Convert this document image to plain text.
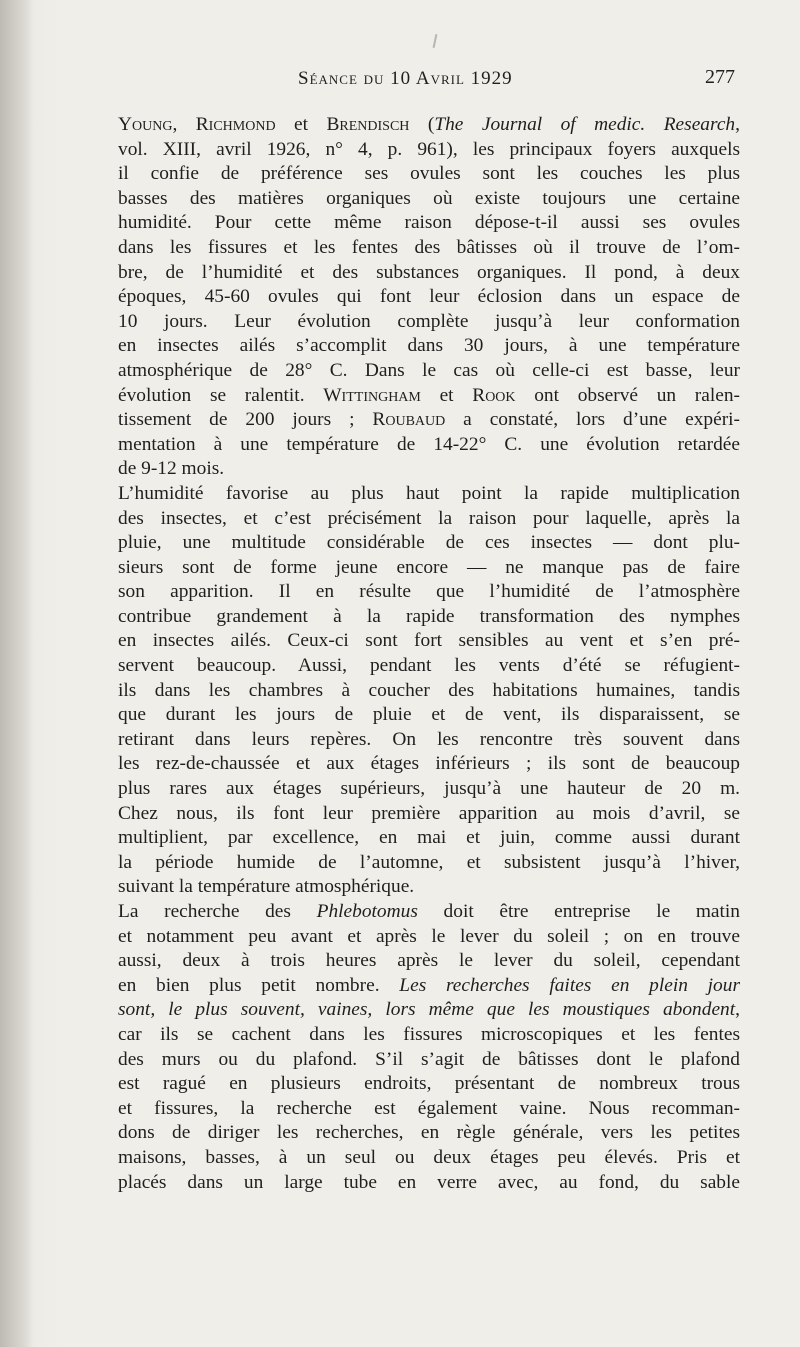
Séance du 10 Avril 1929	277
Young, Richmond et Brendisch (The Journal of medic. Research,
vol. XIII, avril 1926, n° 4, p. 961), les principaux foyers auxquels
il confie de préférence ses ovules sont les couches les plus
basses des matières organiques où existe toujours une certaine
humidité. Pour cette même raison dépose-t-il aussi ses ovules
dans les fissures et les fentes des bâtisses où il trouve de l’om-
bre, de l’humidité et des substances organiques. Il pond, à deux
époques, 45-60 ovules qui font leur éclosion dans un espace de
10 jours. Leur évolution complète jusqu’à leur conformation
en insectes ailés s’accomplit dans 30 jours, à une température
atmosphérique de 28° C. Dans le cas où celle-ci est basse, leur
évolution se ralentit. Wittingham et Rook ont observé un ralen-
tissement de 200 jours ; Roubaud a constaté, lors d’une expéri-
mentation à une température de 14-22° C. une évolution retardée
de 9-12 mois.
L’humidité favorise au plus haut point la rapide multiplication
des insectes, et c’est précisément la raison pour laquelle, après la
pluie, une multitude considérable de ces insectes — dont plu-
sieurs sont de forme jeune encore — ne manque pas de faire
son apparition. Il en résulte que l’humidité de l’atmosphère
contribue grandement à la rapide transformation des nymphes
en insectes ailés. Ceux-ci sont fort sensibles au vent et s’en pré-
servent beaucoup. Aussi, pendant les vents d’été se réfugient-
ils dans les chambres à coucher des habitations humaines, tandis
que durant les jours de pluie et de vent, ils disparaissent, se
retirant dans leurs repères. On les rencontre très souvent dans
les rez-de-chaussée et aux étages inférieurs ; ils sont de beaucoup
plus rares aux étages supérieurs, jusqu’à une hauteur de 20 m.
Chez nous, ils font leur première apparition au mois d’avril, se
multiplient, par excellence, en mai et juin, comme aussi durant
la période humide de l’automne, et subsistent jusqu’à l’hiver,
suivant la température atmosphérique.
La recherche des Phlebotomus doit être entreprise le matin
et notamment peu avant et après le lever du soleil ; on en trouve
aussi, deux à trois heures après le lever du soleil, cependant
en bien plus petit nombre. Les recherches faites en plein jour
sont, le plus souvent, vaines, lors même que les moustiques abondent,
car ils se cachent dans les fissures microscopiques et les fentes
des murs ou du plafond. S’il s’agit de bâtisses dont le plafond
est ragué en plusieurs endroits, présentant de nombreux trous
et fissures, la recherche est également vaine. Nous recomman-
dons de diriger les recherches, en règle générale, vers les petites
maisons, basses, à un seul ou deux étages peu élevés. Pris et
placés dans un large tube en verre avec, au fond, du sable
